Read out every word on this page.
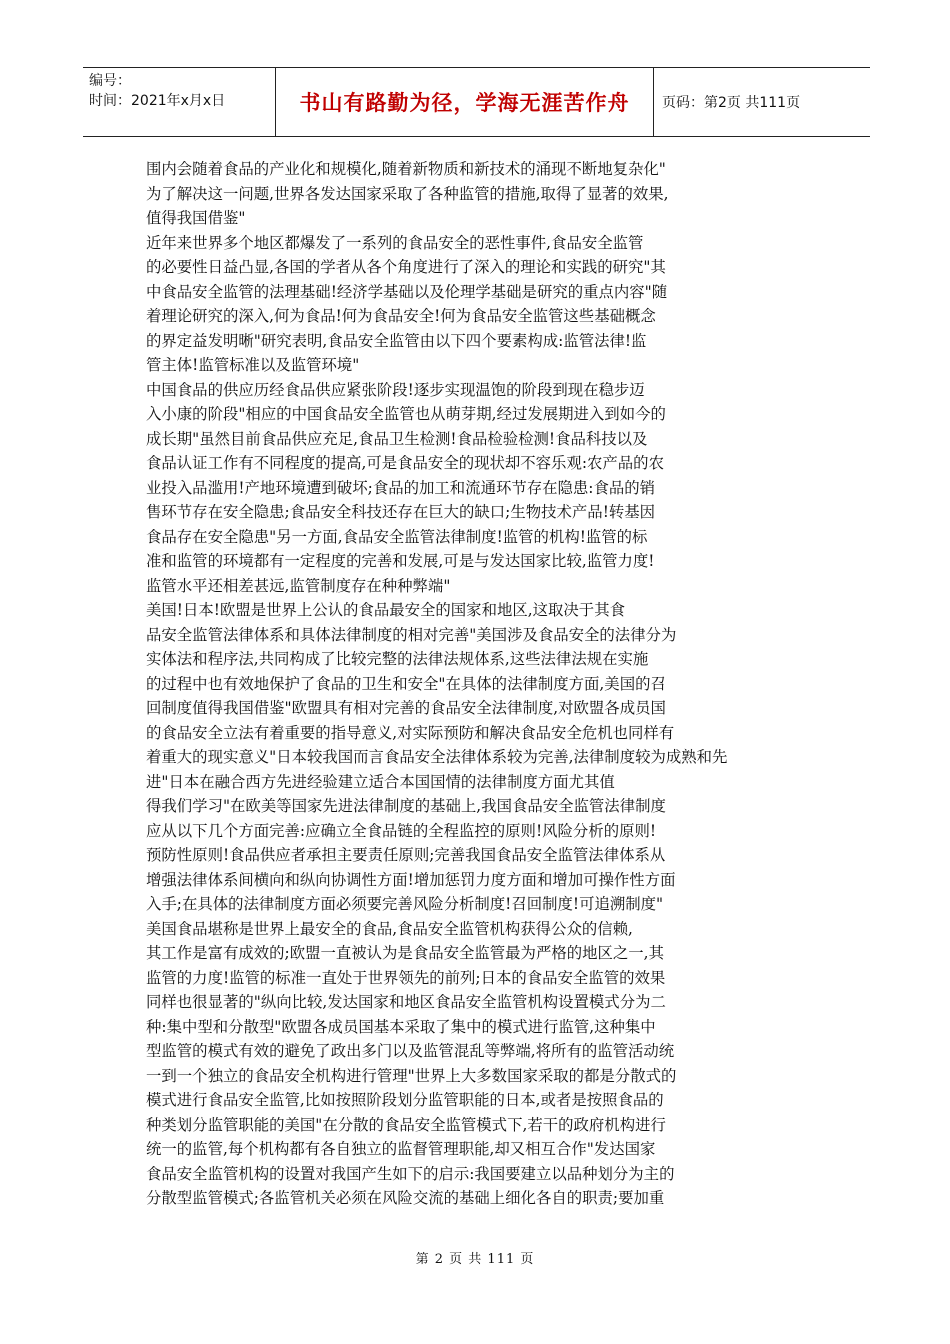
编号：
时间：2021年x月x日	书山有路勤为径，学海无涯苦作舟	页码：第2页 共111页
围内会随着食品的产业化和规模化,随着新物质和新技术的涌现不断地复杂化"
为了解决这一问题,世界各发达国家采取了各种监管的措施,取得了显著的效果,
值得我国借鉴"
近年来世界多个地区都爆发了一系列的食品安全的恶性事件,食品安全监管
的必要性日益凸显,各国的学者从各个角度进行了深入的理论和实践的研究"其
中食品安全监管的法理基础!经济学基础以及伦理学基础是研究的重点内容"随
着理论研究的深入,何为食品!何为食品安全!何为食品安全监管这些基础概念
的界定益发明晰"研究表明,食品安全监管由以下四个要素构成:监管法律!监
管主体!监管标准以及监管环境"
中国食品的供应历经食品供应紧张阶段!逐步实现温饱的阶段到现在稳步迈
入小康的阶段"相应的中国食品安全监管也从萌芽期,经过发展期进入到如今的
成长期"虽然目前食品供应充足,食品卫生检测!食品检验检测!食品科技以及
食品认证工作有不同程度的提高,可是食品安全的现状却不容乐观:农产品的农
业投入品滥用!产地环境遭到破坏;食品的加工和流通环节存在隐患:食品的销
售环节存在安全隐患;食品安全科技还存在巨大的缺口;生物技术产品!转基因
食品存在安全隐患"另一方面,食品安全监管法律制度!监管的机构!监管的标
准和监管的环境都有一定程度的完善和发展,可是与发达国家比较,监管力度!
监管水平还相差甚远,监管制度存在种种弊端"
美国!日本!欧盟是世界上公认的食品最安全的国家和地区,这取决于其食
品安全监管法律体系和具体法律制度的相对完善"美国涉及食品安全的法律分为
实体法和程序法,共同构成了比较完整的法律法规体系,这些法律法规在实施
的过程中也有效地保护了食品的卫生和安全"在具体的法律制度方面,美国的召
回制度值得我国借鉴"欧盟具有相对完善的食品安全法律制度,对欧盟各成员国
的食品安全立法有着重要的指导意义,对实际预防和解决食品安全危机也同样有
着重大的现实意义"日本较我国而言食品安全法律体系较为完善,法律制度较为成熟和先
进"日本在融合西方先进经验建立适合本国国情的法律制度方面尤其值
得我们学习"在欧美等国家先进法律制度的基础上,我国食品安全监管法律制度
应从以下几个方面完善:应确立全食品链的全程监控的原则!风险分析的原则!
预防性原则!食品供应者承担主要责任原则;完善我国食品安全监管法律体系从
增强法律体系间横向和纵向协调性方面!增加惩罚力度方面和增加可操作性方面
入手;在具体的法律制度方面必须要完善风险分析制度!召回制度!可追溯制度"
美国食品堪称是世界上最安全的食品,食品安全监管机构获得公众的信赖,
其工作是富有成效的;欧盟一直被认为是食品安全监管最为严格的地区之一,其
监管的力度!监管的标准一直处于世界领先的前列;日本的食品安全监管的效果
同样也很显著的"纵向比较,发达国家和地区食品安全监管机构设置模式分为二
种:集中型和分散型"欧盟各成员国基本采取了集中的模式进行监管,这种集中
型监管的模式有效的避免了政出多门以及监管混乱等弊端,将所有的监管活动统
一到一个独立的食品安全机构进行管理"世界上大多数国家采取的都是分散式的
模式进行食品安全监管,比如按照阶段划分监管职能的日本,或者是按照食品的
种类划分监管职能的美国"在分散的食品安全监管模式下,若干的政府机构进行
统一的监管,每个机构都有各自独立的监督管理职能,却又相互合作"发达国家
食品安全监管机构的设置对我国产生如下的启示:我国要建立以品种划分为主的
分散型监管模式;各监管机关必须在风险交流的基础上细化各自的职责;要加重
第 2 页 共 111 页
